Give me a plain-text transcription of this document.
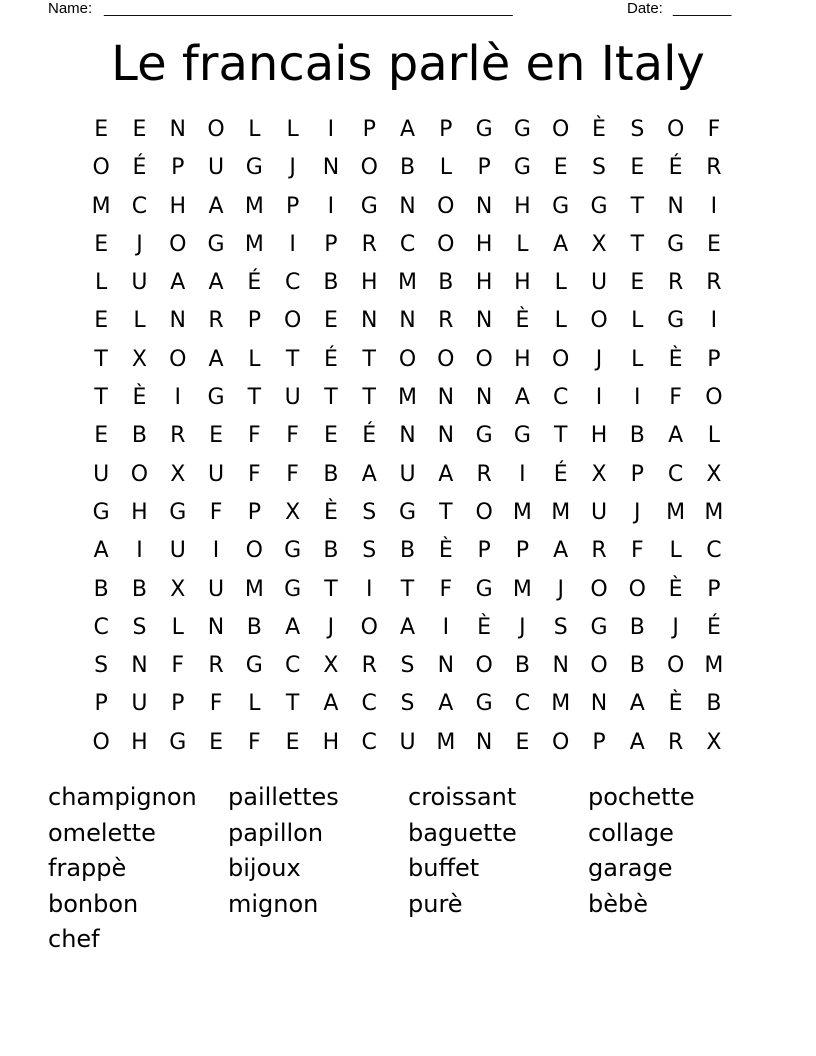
Name: _________________________________________________	Date: _______
Le francais parlè en Italy
E	E	N O	L	L	I	P	A	P	G G O	È	S	O	F
O	É	P	U G	J	N O	B	L	P	G	E	S	E	É	R
M C	H	A M	P	I	G N O N H G G	T	N	I
E	J	O G M	I	P	R	C O H	L	A	X	T	G	E
L	U	A	A	É	C	B	H M B	H H	L	U	E	R	R
E	L	N	R	P	O	E	N N	R	N	È	L	O	L	G	I
T	X	O	A	L	T	É	T	O O O H O	J	L	È	P
T	È	I	G	T	U	T	T	M N N	A	C	I	I	F	O
E	B	R	E	F	F	E	É	N N G G	T	H	B	A	L
U O	X	U	F	F	B	A	U	A	R	I	É	X	P	C	X
G H G	F	P	X	È	S	G	T	O M M U	J	M M
A	I	U	I	O G	B	S	B	È	P	P	A	R	F	L	C
B	B	X	U M G	T	I	T	F	G M	J	O O	È	P
C	S	L	N	B	A	J	O	A	I	È	J	S	G	B	J	É
S	N	F	R	G	C	X	R	S	N O	B	N O	B	O M
P	U	P	F	L	T	A	C	S	A	G	C M N	A	È	B
O H G	E	F	E	H	C	U M N	E	O	P	A	R	X
champignon	paillettes	croissant	pochette
omelette	papillon	baguette	collage
frappè	bijoux	buffet	garage
bonbon	mignon	purè	bèbè
chef
